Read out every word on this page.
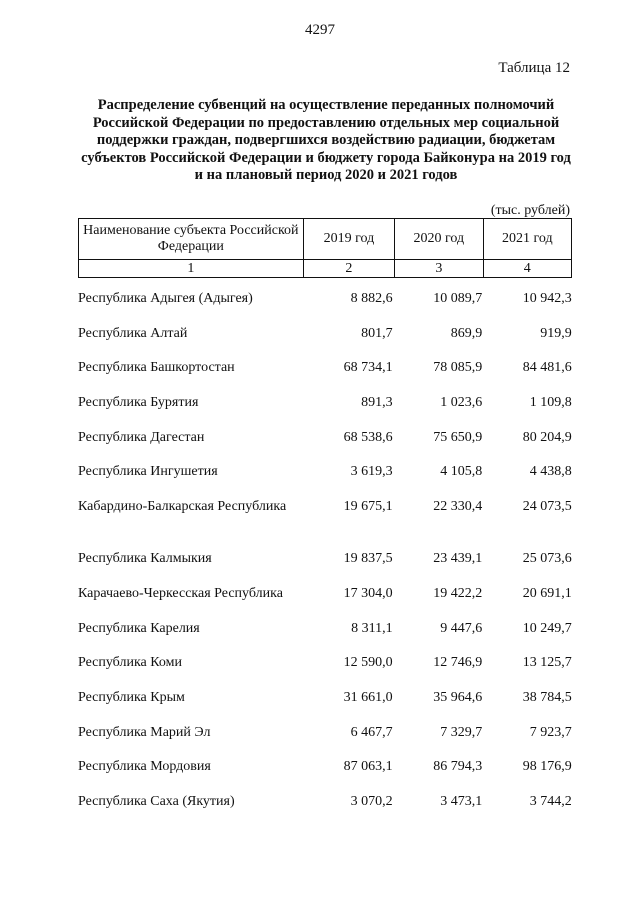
4297
Таблица 12
Распределение субвенций на осуществление переданных полномочий Российской Федерации по предоставлению отдельных мер социальной поддержки граждан, подвергшихся воздействию радиации, бюджетам субъектов Российской Федерации и бюджету города Байконура на 2019 год и на плановый период 2020 и 2021 годов
(тыс. рублей)
Наименование субъекта Российской Федерации	2019 год	2020 год	2021 год
1	2	3	4
Республика Адыгея (Адыгея)	8 882,6	10 089,7	10 942,3
Республика Алтай	801,7	869,9	919,9
Республика Башкортостан	68 734,1	78 085,9	84 481,6
Республика Бурятия	891,3	1 023,6	1 109,8
Республика Дагестан	68 538,6	75 650,9	80 204,9
Республика Ингушетия	3 619,3	4 105,8	4 438,8
Кабардино-Балкарская Республика	19 675,1	22 330,4	24 073,5
Республика Калмыкия	19 837,5	23 439,1	25 073,6
Карачаево-Черкесская Республика	17 304,0	19 422,2	20 691,1
Республика Карелия	8 311,1	9 447,6	10 249,7
Республика Коми	12 590,0	12 746,9	13 125,7
Республика Крым	31 661,0	35 964,6	38 784,5
Республика Марий Эл	6 467,7	7 329,7	7 923,7
Республика Мордовия	87 063,1	86 794,3	98 176,9
Республика Саха (Якутия)	3 070,2	3 473,1	3 744,2
